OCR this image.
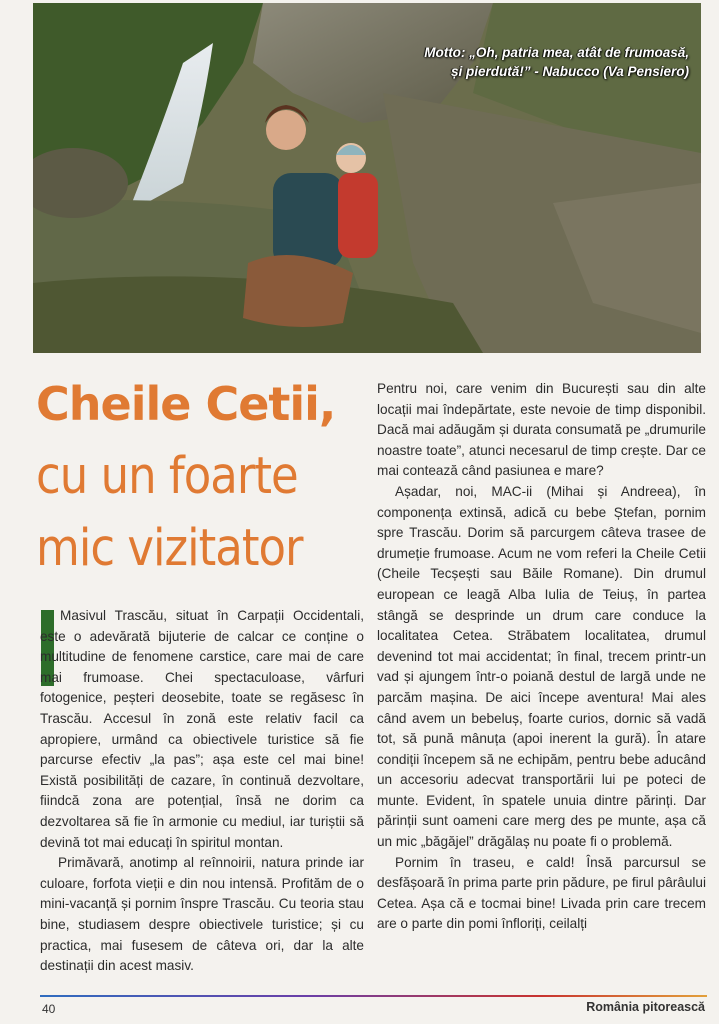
Motto: „Oh, patria mea, atât de frumoasă,
și pierdută!” - Nabucco (Va Pensiero)
Cheile Cetii,
cu un foarte
mic vizitator

Masivul Trascău, situat în Carpații Occidentali, este o adevărată bijuterie de calcar ce conține o multitudine de fenomene carstice, care mai de care mai frumoase. Chei spectaculoase, vârfuri fotogenice, peșteri deosebite, toate se regăsesc în Trascău. Accesul în zonă este relativ facil ca apropiere, urmând ca obiectivele turistice să fie parcurse efectiv „la pas”; așa este cel mai bine! Există posibilități de cazare, în continuă dezvoltare, fiindcă zona are potențial, însă ne dorim ca dezvoltarea să fie în armonie cu mediul, iar turiștii să devină tot mai educați în spiritul montan.

Primăvară, anotimp al reînnoirii, natura prinde iar culoare, forfota vieții e din nou intensă. Profităm de o mini-vacanță și pornim înspre Trascău. Cu teoria stau bine, studiasem despre obiectivele turistice; și cu practica, mai fusesem de câteva ori, dar la alte destinații din acest masiv.

Pentru noi, care venim din București sau din alte locații mai îndepărtate, este nevoie de timp disponibil. Dacă mai adăugăm și durata consumată pe „drumurile noastre toate”, atunci necesarul de timp crește. Dar ce mai contează când pasiunea e mare?

Așadar, noi, MAC-ii (Mihai și Andreea), în componența extinsă, adică cu bebe Ștefan, pornim spre Trascău. Dorim să parcurgem câteva trasee de drumeție frumoase. Acum ne vom referi la Cheile Cetii (Cheile Tecșești sau Băile Romane). Din drumul european ce leagă Alba Iulia de Teiuș, în partea stângă se desprinde un drum care conduce la localitatea Cetea. Străbatem localitatea, drumul devenind tot mai accidentat; în final, trecem printr-un vad și ajungem într-o poiană destul de largă unde ne parcăm mașina. De aici începe aventura! Mai ales când avem un bebeluș, foarte curios, dornic să vadă tot, să pună mânuța (apoi inerent la gură). În atare condiții începem să ne echipăm, pentru bebe aducând un accesoriu adecvat transportării lui pe poteci de munte. Evident, în spatele unuia dintre părinți. Dar părinții sunt oameni care merg des pe munte, așa că un mic „băgăjel” drăgălaș nu poate fi o problemă.

Pornim în traseu, e cald! Însă parcursul se desfășoară în prima parte prin pădure, pe firul pârâului Cetea. Așa că e tocmai bine! Livada prin care trecem are o parte din pomi înfloriți, ceilalți

40	România pitorească
